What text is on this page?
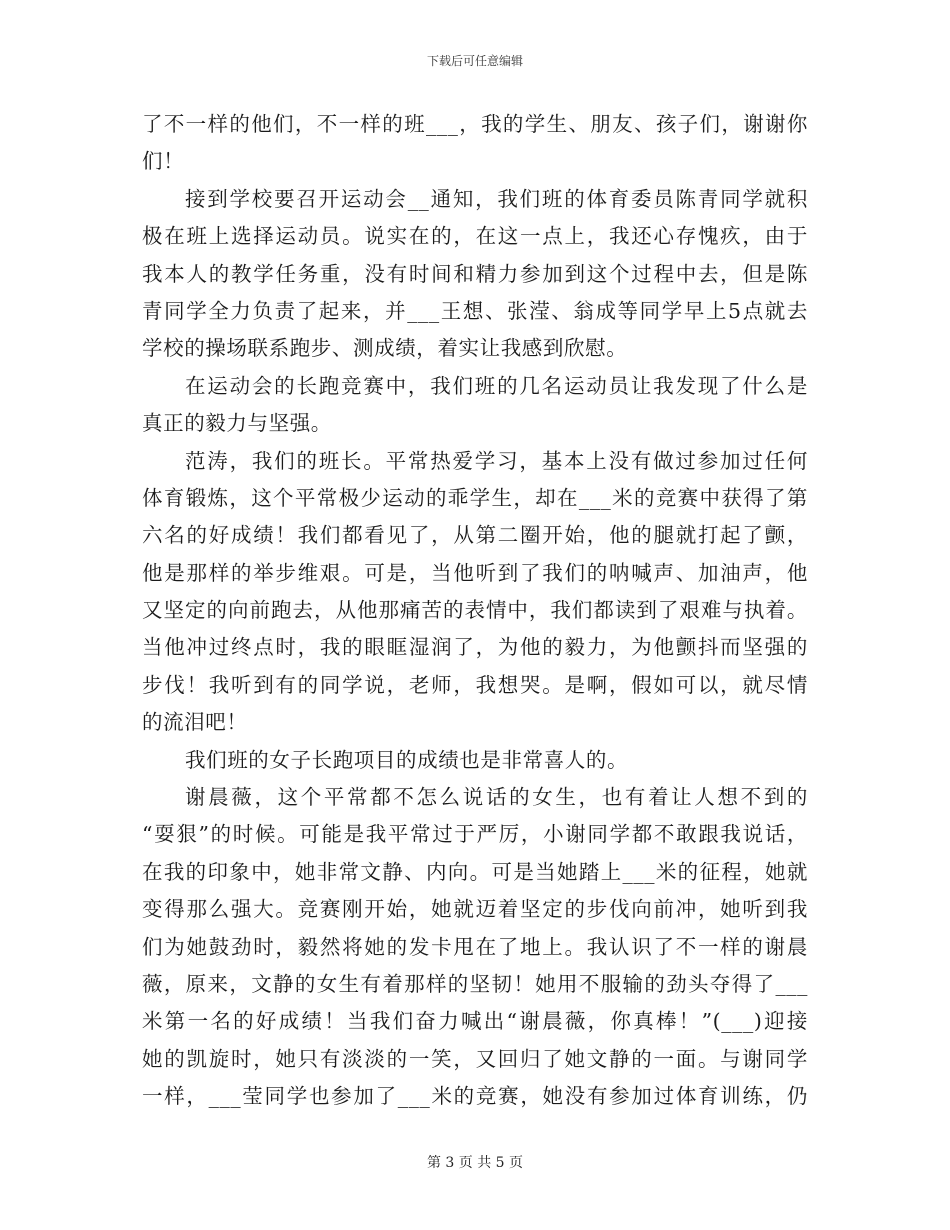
下载后可任意编辑
了不一样的他们，不一样的班___，我的学生、朋友、孩子们，谢谢你
们！
接到学校要召开运动会__通知，我们班的体育委员陈青同学就积
极在班上选择运动员。说实在的，在这一点上，我还心存愧疚，由于
我本人的教学任务重，没有时间和精力参加到这个过程中去，但是陈
青同学全力负责了起来，并___王想、张滢、翁成等同学早上5点就去
学校的操场联系跑步、测成绩，着实让我感到欣慰。
在运动会的长跑竞赛中，我们班的几名运动员让我发现了什么是
真正的毅力与坚强。
范涛，我们的班长。平常热爱学习，基本上没有做过参加过任何
体育锻炼，这个平常极少运动的乖学生，却在___米的竞赛中获得了第
六名的好成绩！我们都看见了，从第二圈开始，他的腿就打起了颤，
他是那样的举步维艰。可是，当他听到了我们的呐喊声、加油声，他
又坚定的向前跑去，从他那痛苦的表情中，我们都读到了艰难与执着。
当他冲过终点时，我的眼眶湿润了，为他的毅力，为他颤抖而坚强的
步伐！我听到有的同学说，老师，我想哭。是啊，假如可以，就尽情
的流泪吧！
我们班的女子长跑项目的成绩也是非常喜人的。
谢晨薇，这个平常都不怎么说话的女生，也有着让人想不到的
“耍狠”的时候。可能是我平常过于严厉，小谢同学都不敢跟我说话，
在我的印象中，她非常文静、内向。可是当她踏上___米的征程，她就
变得那么强大。竞赛刚开始，她就迈着坚定的步伐向前冲，她听到我
们为她鼓劲时，毅然将她的发卡甩在了地上。我认识了不一样的谢晨
薇，原来，文静的女生有着那样的坚韧！她用不服输的劲头夺得了___
米第一名的好成绩！当我们奋力喊出“谢晨薇，你真棒！”(___)迎接
她的凯旋时，她只有淡淡的一笑，又回归了她文静的一面。与谢同学
一样，___莹同学也参加了___米的竞赛，她没有参加过体育训练，仍
第 3 页 共 5 页
